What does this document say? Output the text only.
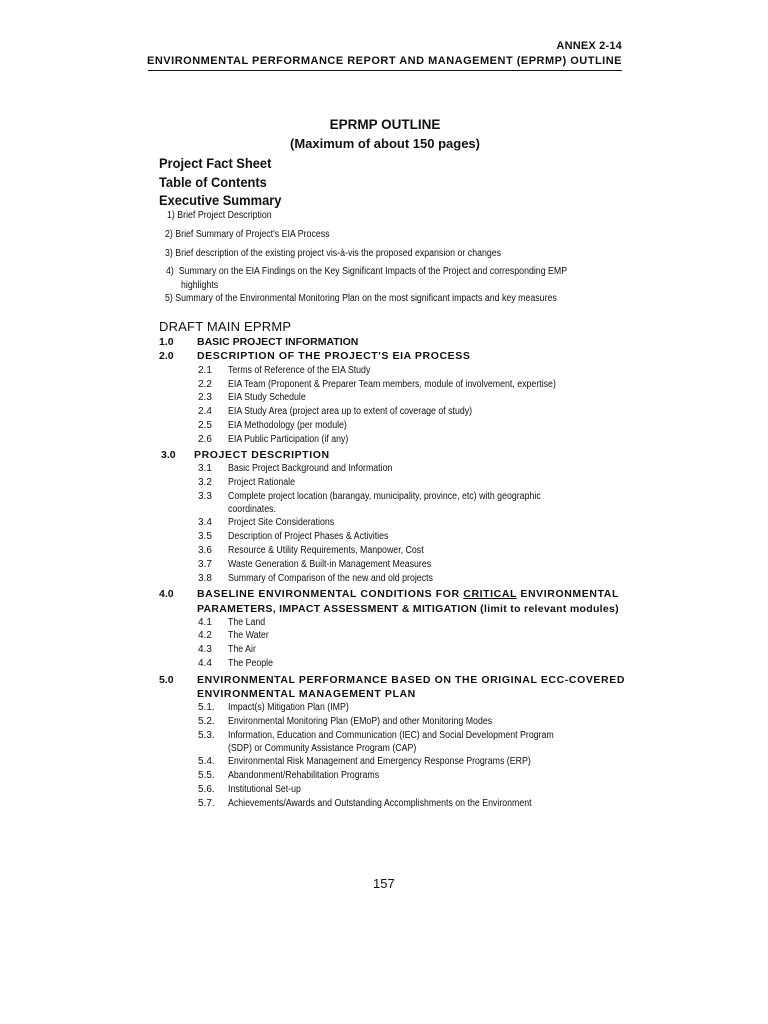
ANNEX 2-14
ENVIRONMENTAL PERFORMANCE REPORT AND MANAGEMENT (EPRMP) OUTLINE
EPRMP OUTLINE
(Maximum of about 150 pages)
Project Fact Sheet
Table of Contents
Executive Summary
1) Brief Project Description
2) Brief Summary of Project's EIA Process
3) Brief description of the existing project vis-à-vis the proposed expansion or changes
4) Summary on the EIA Findings on the Key Significant Impacts of the Project and corresponding EMP
highlights
5) Summary of the Environmental Monitoring Plan on the most significant impacts and key measures
DRAFT MAIN EPRMP
1.0 BASIC PROJECT INFORMATION
2.0 DESCRIPTION OF THE PROJECT'S EIA PROCESS
2.1 Terms of Reference of the EIA Study
2.2 EIA Team (Proponent & Preparer Team members, module of involvement, expertise)
2.3 EIA Study Schedule
2.4 EIA Study Area (project area up to extent of coverage of study)
2.5 EIA Methodology (per module)
2.6 EIA Public Participation (if any)
3.0 PROJECT DESCRIPTION
3.1 Basic Project Background and Information
3.2 Project Rationale
3.3 Complete project location (barangay, municipality, province, etc) with geographic
coordinates.
3.4 Project Site Considerations
3.5 Description of Project Phases & Activities
3.6 Resource & Utility Requirements, Manpower, Cost
3.7 Waste Generation & Built-in Management Measures
3.8 Summary of Comparison of the new and old projects
4.0 BASELINE ENVIRONMENTAL CONDITIONS FOR CRITICAL ENVIRONMENTAL
PARAMETERS, IMPACT ASSESSMENT & MITIGATION (limit to relevant modules)
4.1 The Land
4.2 The Water
4.3 The Air
4.4 The People
5.0 ENVIRONMENTAL PERFORMANCE BASED ON THE ORIGINAL ECC-COVERED
ENVIRONMENTAL MANAGEMENT PLAN
5.1. Impact(s) Mitigation Plan (IMP)
5.2. Environmental Monitoring Plan (EMoP) and other Monitoring Modes
5.3. Information, Education and Communication (IEC) and Social Development Program
(SDP) or Community Assistance Program (CAP)
5.4. Environmental Risk Management and Emergency Response Programs (ERP)
5.5. Abandonment/Rehabilitation Programs
5.6. Institutional Set-up
5.7. Achievements/Awards and Outstanding Accomplishments on the Environment
157
